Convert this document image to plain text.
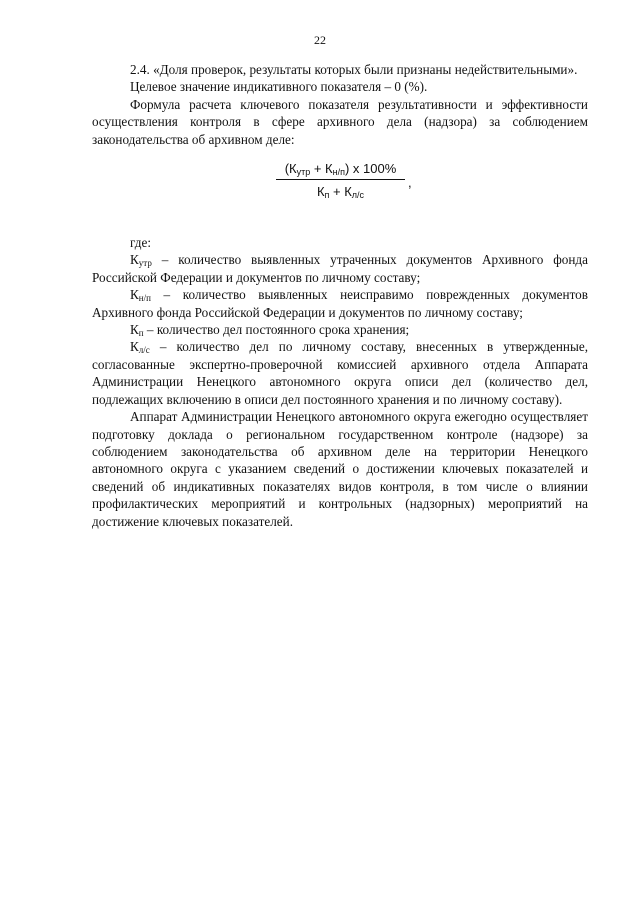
22

2.4. «Доля проверок, результаты которых были признаны недействительными».

Целевое значение индикативного показателя – 0 (%).

Формула расчета ключевого показателя результативности и эффективности осуществления контроля в сфере архивного дела (надзора) за соблюдением законодательства об архивном деле:

$(К_{утр} + К_{н/п})$ x 100%
$К_п + К_{л/с}$
,

где:

$К_{утр}$ – количество выявленных утраченных документов Архивного фонда Российской Федерации и документов по личному составу;

$К_{н/п}$ – количество выявленных неисправимо поврежденных документов Архивного фонда Российской Федерации и документов по личному составу;

$К_п$ – количество дел постоянного срока хранения;

$К_{л/с}$ – количество дел по личному составу, внесенных в утвержденные, согласованные экспертно-проверочной комиссией архивного отдела Аппарата Администрации Ненецкого автономного округа описи дел (количество дел, подлежащих включению в описи дел постоянного хранения и по личному составу).

Аппарат Администрации Ненецкого автономного округа ежегодно осуществляет подготовку доклада о региональном государственном контроле (надзоре) за соблюдением законодательства об архивном деле на территории Ненецкого автономного округа с указанием сведений о достижении ключевых показателей и сведений об индикативных показателях видов контроля, в том числе о влиянии профилактических мероприятий и контрольных (надзорных) мероприятий на достижение ключевых показателей.
